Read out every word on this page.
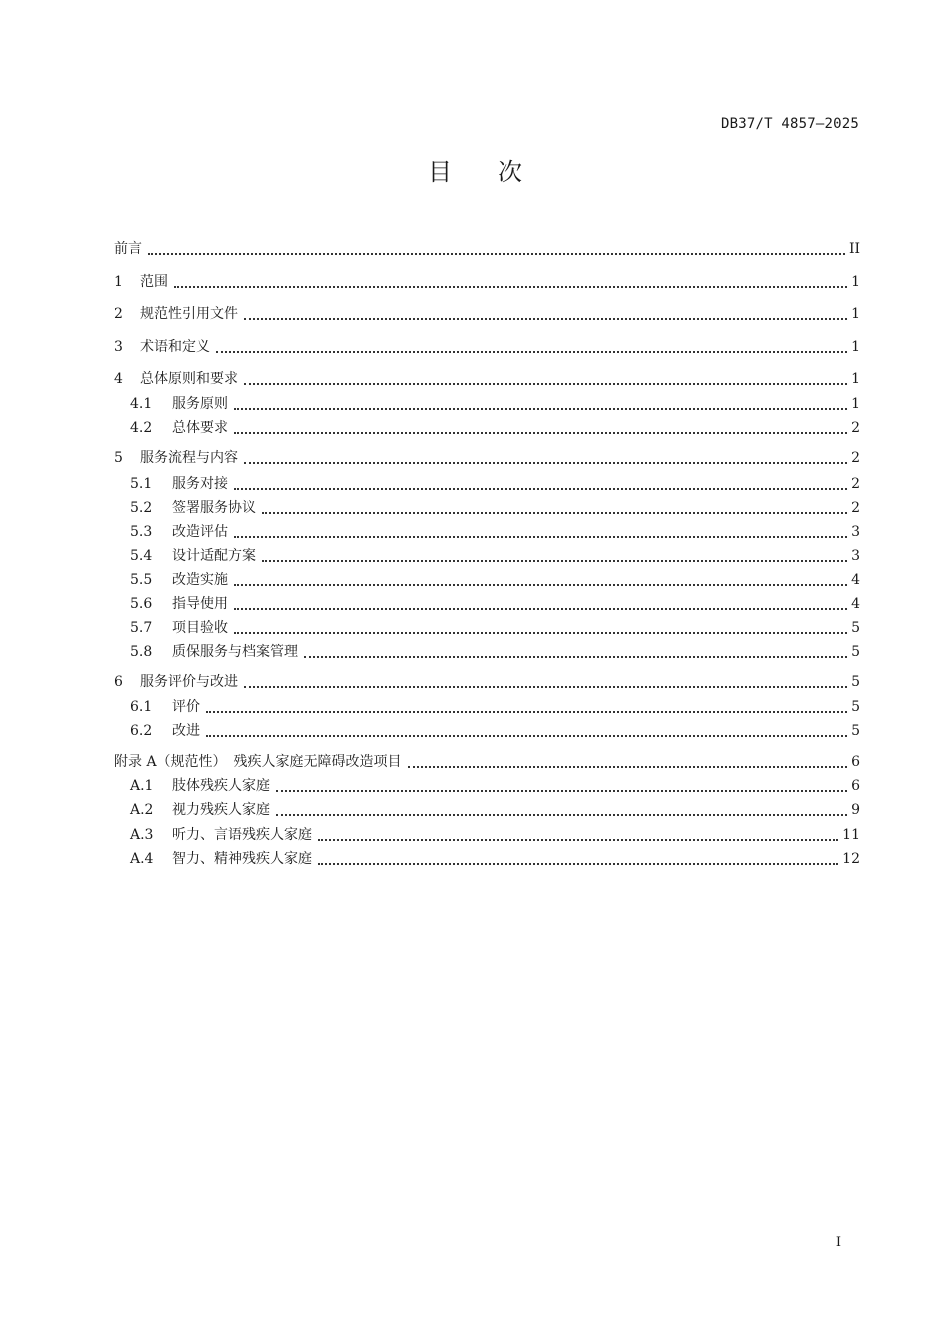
DB37/T 4857—2025
目 次
前言	II
1	范围	1
2	规范性引用文件	1
3	术语和定义	1
4	总体原则和要求	1
4.1	服务原则	1
4.2	总体要求	2
5	服务流程与内容	2
5.1	服务对接	2
5.2	签署服务协议	2
5.3	改造评估	3
5.4	设计适配方案	3
5.5	改造实施	4
5.6	指导使用	4
5.7	项目验收	5
5.8	质保服务与档案管理	5
6	服务评价与改进	5
6.1	评价	5
6.2	改进	5
附录 A（规范性）　残疾人家庭无障碍改造项目	6
A.1	肢体残疾人家庭	6
A.2	视力残疾人家庭	9
A.3	听力、言语残疾人家庭	11
A.4	智力、精神残疾人家庭	12
I
